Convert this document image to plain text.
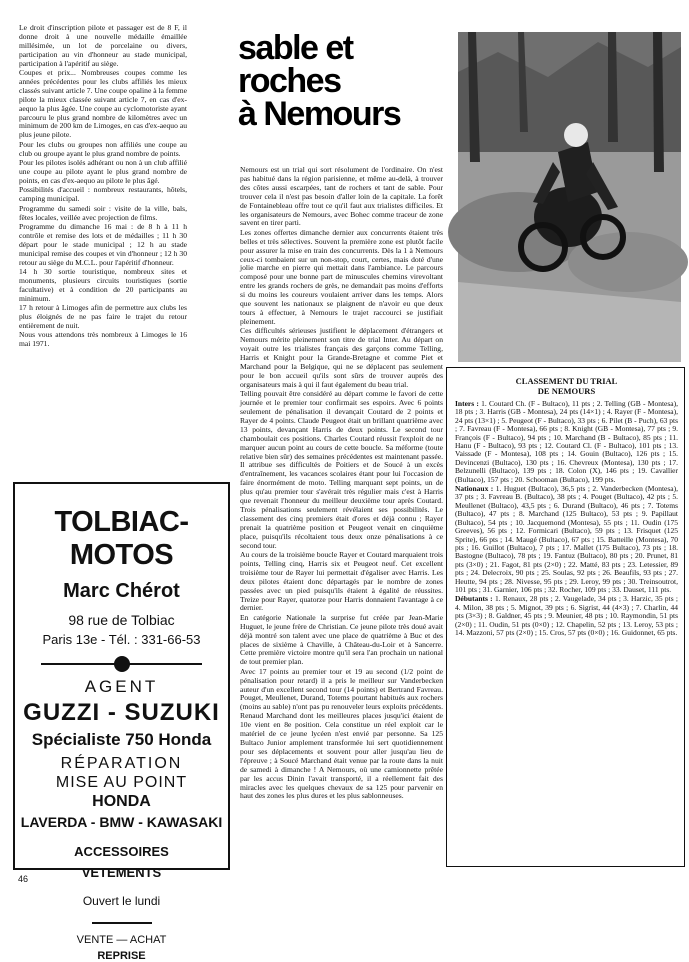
Le droit d'inscription pilote et passager est de 8 F, il donne droit à une nouvelle médaille émaillée millésimée, un lot de porcelaine ou divers, participation au vin d'honneur au stade municipal, participation à l'apéritif au siège.

Coupes et prix... Nombreuses coupes comme les années précédentes pour les clubs affiliés les mieux classés suivant article 7. Une coupe opaline à la femme pilote la mieux classée suivant article 7, en cas d'ex-aequo la plus âgée. Une coupe au cyclomotoriste ayant parcouru le plus grand nombre de kilomètres avec un minimum de 200 km de Limoges, en cas d'ex-aequo au plus jeune pilote.

Pour les clubs ou groupes non affiliés une coupe au club ou groupe ayant le plus grand nombre de points.

Pour les pilotes isolés adhérant ou non à un club affilié une coupe au pilote ayant le plus grand nombre de points, en cas d'ex-aequo au pilote le plus âgé.

Possibilités d'accueil : nombreux restaurants, hôtels, camping municipal.

Programme du samedi soir : visite de la ville, bals, fêtes locales, veillée avec projection de films.

Programme du dimanche 16 mai : de 8 h à 11 h contrôle et remise des lots et de médailles ; 11 h 30 départ pour le stade municipal ; 12 h au stade municipal remise des coupes et vin d'honneur ; 12 h 30 retour au siège du M.C.L. pour l'apéritif d'honneur.

14 h 30 sortie touristique, nombreux sites et monuments, plusieurs circuits touristiques (sortie facultative) et à condition de 20 participants au minimum.

17 h retour à Limoges afin de permettre aux clubs les plus éloignés de ne pas faire le trajet du retour entièrement de nuit.

Nous vous attendons très nombreux à Limoges le 16 mai 1971.

TOLBIAC-MOTOS
Marc Chérot
98 rue de Tolbiac
Paris 13e - Tél. : 331-66-53
AGENT
GUZZI - SUZUKI
Spécialiste 750 Honda
RÉPARATION
MISE AU POINT
HONDA
LAVERDA - BMW - KAWASAKI
ACCESSOIRES
VETEMENTS
Ouvert le lundi
VENTE — ACHAT
REPRISE
sable et
roches
à Nemours

Nemours est un trial qui sort résolument de l'ordinaire. On n'est pas habitué dans la région parisienne, et même au-delà, à trouver des côtes aussi escarpées, tant de rochers et tant de sable. Pour trouver cela il n'est pas besoin d'aller loin de la capitale. La forêt de Fontainebleau offre tout ce qu'il faut aux trialistes difficiles. Et les organisateurs de Nemours, avec Bohec comme traceur de zone savent en tirer parti.

Les zones offertes dimanche dernier aux concurrents étaient très belles et très sélectives. Souvent la première zone est plutôt facile pour assurer la mise en train des concurrents. Dès la 1 à Nemours ceux-ci tombaient sur un non-stop, court, certes, mais doté d'une jolie marche en pierre qui mettait dans l'ambiance. Le parcours composé pour une bonne part de minuscules chemins virevoltant entre les grands rochers de grès, ne demandait pas moins d'efforts si du moins les coureurs voulaient arriver dans les temps. Alors que souvent les nationaux se plaignent de n'avoir eu que deux tours à effectuer, à Nemours le trajet raccourci se justifiait pleinement.

Ces difficultés sérieuses justifient le déplacement d'étrangers et Nemours mérite pleinement son titre de trial Inter. Au départ on voyait outre les trialistes français des garçons comme Telling, Harris et Knight pour la Grande-Bretagne et comme Piet et Marchand pour la Belgique, qui ne se déplacent pas seulement pour le bon accueil qu'ils sont sûrs de trouver auprès des organisateurs mais à qui il faut également du beau trial.

Telling pouvait être considéré au départ comme le favori de cette journée et le premier tour confirmait ses espoirs. Avec 6 points seulement de pénalisation il devançait Coutard de 2 points et Rayer de 4 points. Claude Peugeot était un brillant quatrième avec 13 points, devançant Harris de deux points. Le second tour chamboulait ces positions. Charles Coutard réussit l'exploit de ne marquer aucun point au cours de cette boucle. Sa méforme (toute relative bien sûr) des semaines précédentes est maintenant passée. Il attribue ses difficultés de Poitiers et de Soucé à un excès d'entraînement, les vacances scolaires étant pour lui l'occasion de faire énormément de moto. Telling marquant sept points, un de plus qu'au premier tour s'avérait très régulier mais c'est à Harris que revenait l'honneur du meilleur deuxième tour après Coutard. Trois pénalisations seulement révélaient ses possibilités. Le classement des cinq premiers était d'ores et déjà connu ; Rayer prenait la quatrième position et Peugeot venait en cinquième place, puisqu'ils récoltaient tous deux onze pénalisations à ce second tour.

Au cours de la troisième boucle Rayer et Coutard marquaient trois points, Telling cinq, Harris six et Peugeot neuf. Cet excellent troisième tour de Rayer lui permettait d'égaliser avec Harris. Les deux pilotes étaient donc départagés par le nombre de zones passées avec un pied puisqu'ils étaient à égalité de réussites. Treize pour Rayer, quatorze pour Harris donnaient l'avantage à ce dernier.

En catégorie Nationale la surprise fut créée par Jean-Marie Huguet, le jeune frère de Christian. Ce jeune pilote très doué avait déjà montré son talent avec une place de quatrième à Buc et des places de sixième à Chaville, à Château-du-Loir et à Sancerre. Cette première victoire montre qu'il sera l'an prochain un national de tout premier plan.

Avec 17 points au premier tour et 19 au second (1/2 point de pénalisation pour retard) il a pris le meilleur sur Vanderbecken auteur d'un excellent second tour (14 points) et Bertrand Favreau. Pouget, Meullenet, Durand, Totems pourtant habitués aux rochers (moins au sable) n'ont pas pu renouveler leurs exploits précédents. Renaud Marchand dont les meilleures places jusqu'ici étaient de 10e vient en 8e position. Cela constitue un réel exploit car le matériel de ce jeune lycéen n'est envié par personne. Sa 125 Bultaco Junior amplement transformée lui sert quotidiennement pour ses déplacements et souvent pour aller jusqu'au lieu de l'épreuve ; à Soucé Marchand était venue par la route dans la nuit de samedi à dimanche ! A Nemours, où une camionnette prêtée par les accus Dinin l'avait transporté, il a réellement fait des miracles avec les quelques chevaux de sa 125 pour parvenir en haut des zones les plus dures et les plus sablonneuses.

CLASSEMENT DU TRIAL
DE NEMOURS
Inters : 1. Coutard Ch. (F - Bultaco), 11 pts ; 2. Telling (GB - Montesa), 18 pts ; 3. Harris (GB - Montesa), 24 pts (14×1) ; 4. Rayer (F - Montesa), 24 pts (13×1) ; 5. Peugeot (F - Bultaco), 33 pts ; 6. Pilet (B - Puch), 63 pts ; 7. Favreau (F - Montesa), 66 pts ; 8. Knight (GB - Montesa), 77 pts ; 9. François (F - Bultaco), 94 pts ; 10. Marchand (B - Bultaco), 85 pts ; 11. Hanu (F - Bultaco), 93 pts ; 12. Coutard Cl. (F - Bultaco), 101 pts ; 13. Vaissade (F - Montesa), 108 pts ; 14. Gouin (Bultaco), 126 pts ; 15. Devincenzi (Bultaco), 130 pts ; 16. Chevreux (Montesa), 130 pts ; 17. Belzunelli (Bultaco), 139 pts ; 18. Colon (X), 146 pts ; 19. Cavallier (Bultaco), 157 pts ; 20. Schooman (Bultaco), 199 pts.
Nationaux : 1. Huguet (Bultaco), 36,5 pts ; 2. Vanderbecken (Montesa), 37 pts ; 3. Favreau B. (Bultaco), 38 pts ; 4. Pouget (Bultaco), 42 pts ; 5. Meullenet (Bultaco), 43,5 pts ; 6. Durand (Bultaco), 46 pts ; 7. Totems (Bultaco), 47 pts ; 8. Marchand (125 Bultaco), 53 pts ; 9. Papillaut (Bultaco), 54 pts ; 10. Jacquemond (Montesa), 55 pts ; 11. Oudin (175 Greeves), 56 pts ; 12. Formicari (Bultaco), 59 pts ; 13. Frisquet (125 Sprite), 66 pts ; 14. Maugé (Bultaco), 67 pts ; 15. Batteille (Montesa), 70 pts ; 16. Guillot (Bultaco), 7 pts ; 17. Mallet (175 Bultaco), 73 pts ; 18. Bastogne (Bultaco), 78 pts ; 19. Fantuz (Bultaco), 80 pts ; 20. Prunet, 81 pts (3×0) ; 21. Fagot, 81 pts (2×0) ; 22. Matté, 83 pts ; 23. Letessier, 89 pts ; 24. Delecroix, 90 pts ; 25. Soulas, 92 pts ; 26. Beaufils, 93 pts ; 27. Heutte, 94 pts ; 28. Nivesse, 95 pts ; 29. Leroy, 99 pts ; 30. Treinsoutrot, 101 pts ; 31. Garnier, 106 pts ; 32. Rocher, 109 pts ; 33. Dauset, 111 pts.
Débutants : 1. Renaux, 28 pts ; 2. Vaugelade, 34 pts ; 3. Harzic, 35 pts ; 4. Milon, 38 pts ; 5. Mignot, 39 pts ; 6. Sigrist, 44 (4×3) ; 7. Charlin, 44 pts (3×3) ; 8. Galdner, 45 pts ; 9. Meunier, 48 pts ; 10. Raymondin, 51 pts (2×0) ; 11. Oudin, 51 pts (0×0) ; 12. Chapelin, 52 pts ; 13. Leroy, 53 pts ; 14. Mazzoni, 57 pts (2×0) ; 15. Cros, 57 pts (0×0) ; 16. Guidonnet, 65 pts.
46
